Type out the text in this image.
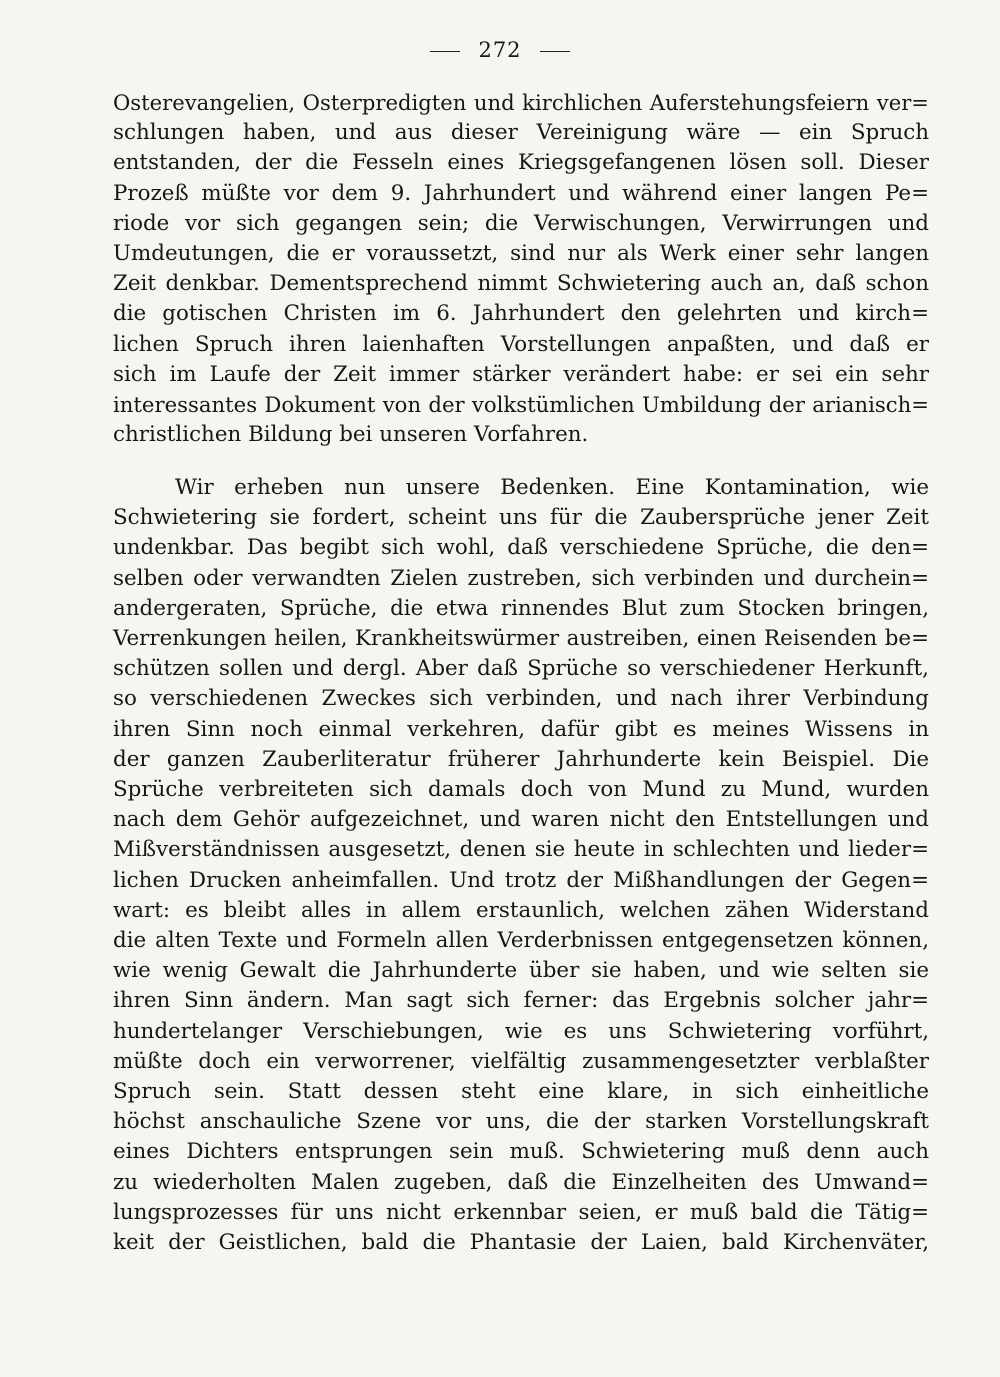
272
Osterevangelien, Osterpredigten und kirchlichen Auferstehungsfeiern ver=
schlungen haben, und aus dieser Vereinigung wäre — ein Spruch
entstanden, der die Fesseln eines Kriegsgefangenen lösen soll. Dieser
Prozeß müßte vor dem 9. Jahrhundert und während einer langen Pe=
riode vor sich gegangen sein; die Verwischungen, Verwirrungen und
Umdeutungen, die er voraussetzt, sind nur als Werk einer sehr langen
Zeit denkbar. Dementsprechend nimmt Schwietering auch an, daß schon
die gotischen Christen im 6. Jahrhundert den gelehrten und kirch=
lichen Spruch ihren laienhaften Vorstellungen anpaßten, und daß er
sich im Laufe der Zeit immer stärker verändert habe: er sei ein sehr
interessantes Dokument von der volkstümlichen Umbildung der arianisch=
christlichen Bildung bei unseren Vorfahren.
Wir erheben nun unsere Bedenken. Eine Kontamination, wie
Schwietering sie fordert, scheint uns für die Zaubersprüche jener Zeit
undenkbar. Das begibt sich wohl, daß verschiedene Sprüche, die den=
selben oder verwandten Zielen zustreben, sich verbinden und durchein=
andergeraten, Sprüche, die etwa rinnendes Blut zum Stocken bringen,
Verrenkungen heilen, Krankheitswürmer austreiben, einen Reisenden be=
schützen sollen und dergl. Aber daß Sprüche so verschiedener Herkunft,
so verschiedenen Zweckes sich verbinden, und nach ihrer Verbindung
ihren Sinn noch einmal verkehren, dafür gibt es meines Wissens in
der ganzen Zauberliteratur früherer Jahrhunderte kein Beispiel. Die
Sprüche verbreiteten sich damals doch von Mund zu Mund, wurden
nach dem Gehör aufgezeichnet, und waren nicht den Entstellungen und
Mißverständnissen ausgesetzt, denen sie heute in schlechten und lieder=
lichen Drucken anheimfallen. Und trotz der Mißhandlungen der Gegen=
wart: es bleibt alles in allem erstaunlich, welchen zähen Widerstand
die alten Texte und Formeln allen Verderbnissen entgegensetzen können,
wie wenig Gewalt die Jahrhunderte über sie haben, und wie selten sie
ihren Sinn ändern. Man sagt sich ferner: das Ergebnis solcher jahr=
hundertelanger Verschiebungen, wie es uns Schwietering vorführt,
müßte doch ein verworrener, vielfältig zusammengesetzter verblaßter
Spruch sein. Statt dessen steht eine klare, in sich einheitliche
höchst anschauliche Szene vor uns, die der starken Vorstellungskraft
eines Dichters entsprungen sein muß. Schwietering muß denn auch
zu wiederholten Malen zugeben, daß die Einzelheiten des Umwand=
lungsprozesses für uns nicht erkennbar seien, er muß bald die Tätig=
keit der Geistlichen, bald die Phantasie der Laien, bald Kirchenväter,
